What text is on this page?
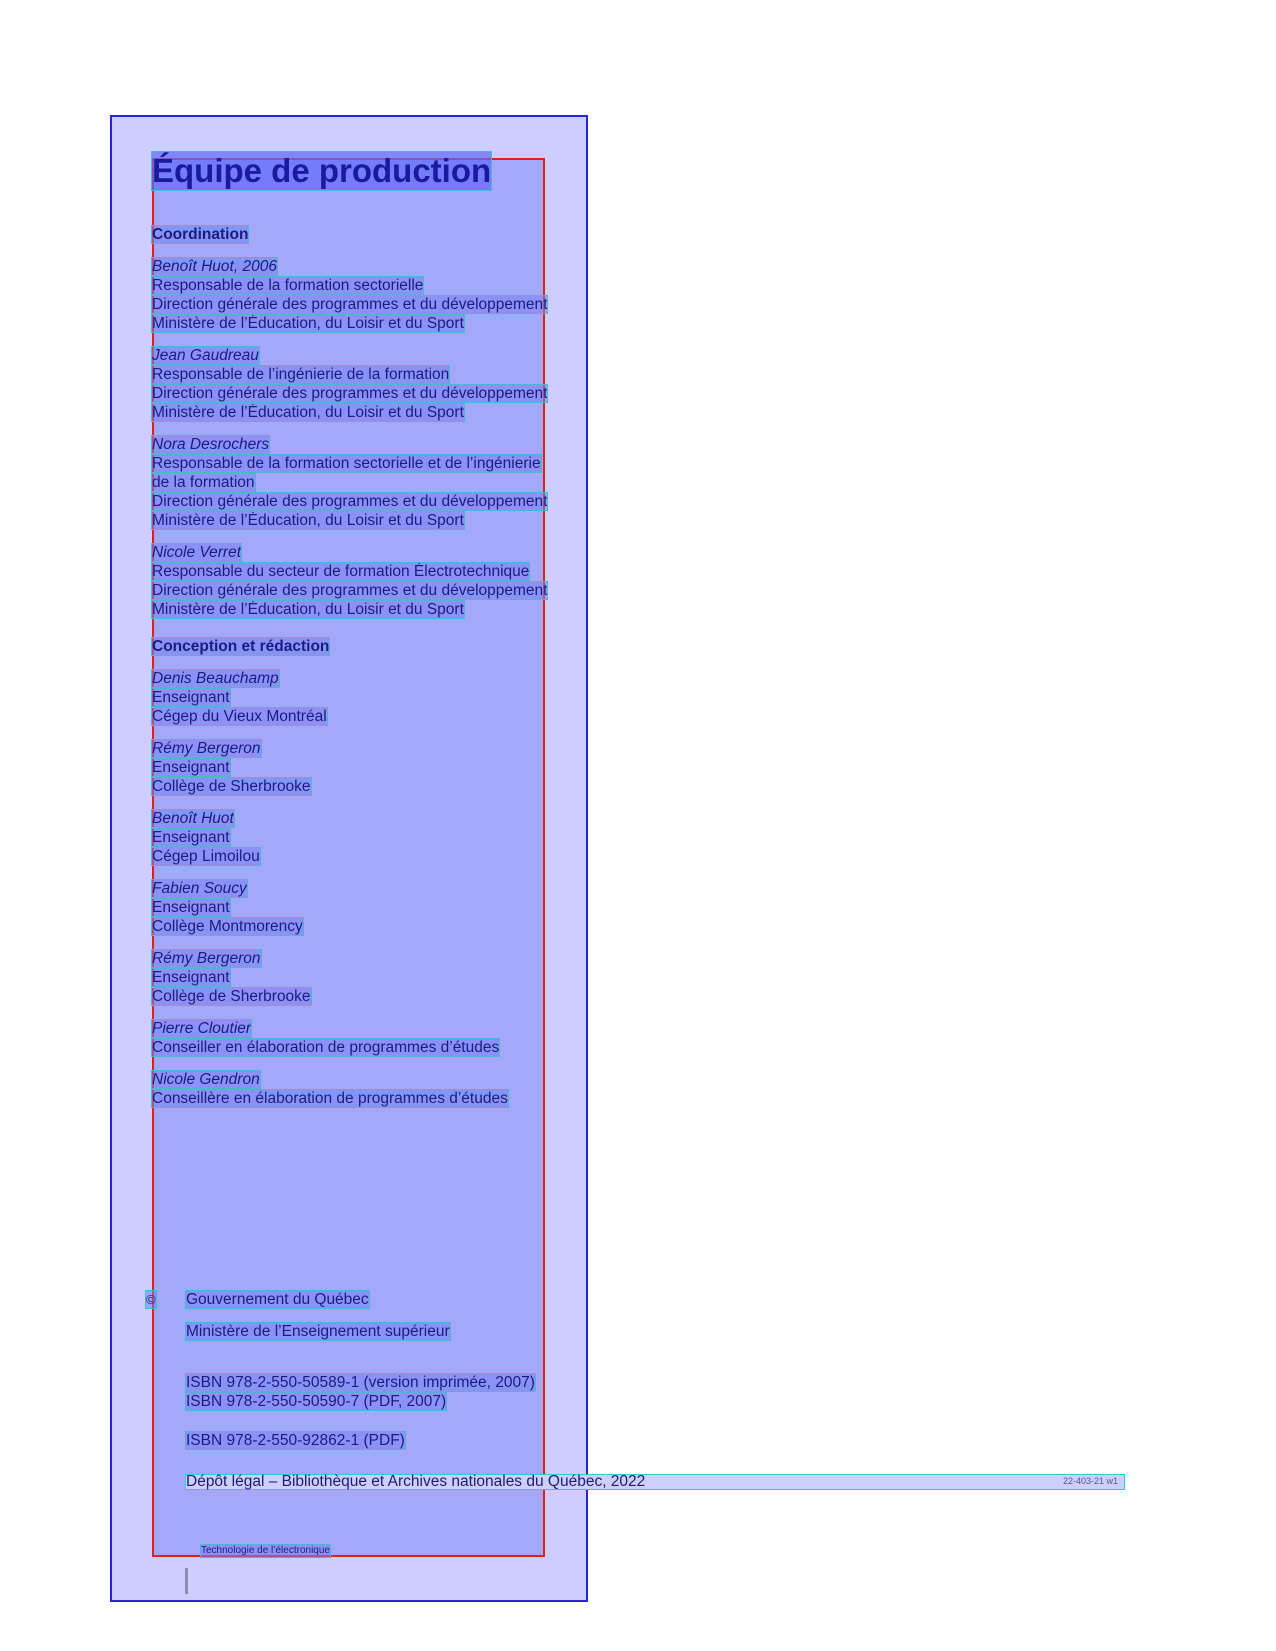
Équipe de production
Coordination
Benoît Huot, 2006
Responsable de la formation sectorielle
Direction générale des programmes et du développement
Ministère de l’Éducation, du Loisir et du Sport
Jean Gaudreau
Responsable de l’ingénierie de la formation
Direction générale des programmes et du développement
Ministère de l’Éducation, du Loisir et du Sport
Nora Desrochers
Responsable de la formation sectorielle et de l’ingénierie
de la formation
Direction générale des programmes et du développement
Ministère de l’Éducation, du Loisir et du Sport
Nicole Verret
Responsable du secteur de formation Électrotechnique
Direction générale des programmes et du développement
Ministère de l’Éducation, du Loisir et du Sport
Conception et rédaction
Denis Beauchamp
Enseignant
Cégep du Vieux Montréal
Rémy Bergeron
Enseignant
Collège de Sherbrooke
Benoît Huot
Enseignant
Cégep Limoilou
Fabien Soucy
Enseignant
Collège Montmorency
Rémy Bergeron
Enseignant
Collège de Sherbrooke
Pierre Cloutier
Conseiller en élaboration de programmes d’études
Nicole Gendron
Conseillère en élaboration de programmes d’études
© Gouvernement du Québec
Ministère de l’Enseignement supérieur
ISBN 978-2-550-50589-1 (version imprimée, 2007)
ISBN 978-2-550-50590-7 (PDF, 2007)
ISBN 978-2-550-92862-1 (PDF)
Dépôt légal – Bibliothèque et Archives nationales du Québec, 2022	22-403-21 w1
Technologie de l’électronique
